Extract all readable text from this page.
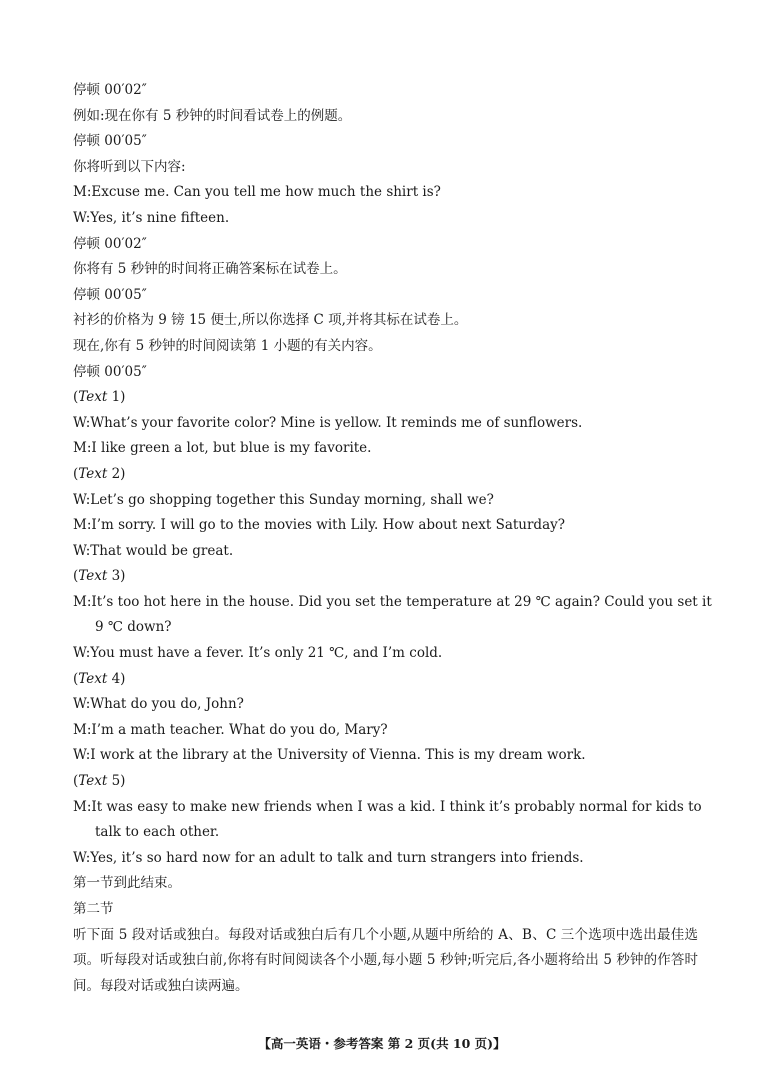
停顿 00′02″
例如:现在你有 5 秒钟的时间看试卷上的例题。
停顿 00′05″
你将听到以下内容:
M:Excuse me. Can you tell me how much the shirt is?
W:Yes, it’s nine fifteen.
停顿 00′02″
你将有 5 秒钟的时间将正确答案标在试卷上。
停顿 00′05″
衬衫的价格为 9 镑 15 便士,所以你选择 C 项,并将其标在试卷上。
现在,你有 5 秒钟的时间阅读第 1 小题的有关内容。
停顿 00′05″
(Text 1)
W:What’s your favorite color? Mine is yellow. It reminds me of sunflowers.
M:I like green a lot, but blue is my favorite.
(Text 2)
W:Let’s go shopping together this Sunday morning, shall we?
M:I’m sorry. I will go to the movies with Lily. How about next Saturday?
W:That would be great.
(Text 3)
M:It’s too hot here in the house. Did you set the temperature at 29 ℃ again? Could you set it
9 ℃ down?
W:You must have a fever. It’s only 21 ℃, and I’m cold.
(Text 4)
W:What do you do, John?
M:I’m a math teacher. What do you do, Mary?
W:I work at the library at the University of Vienna. This is my dream work.
(Text 5)
M:It was easy to make new friends when I was a kid. I think it’s probably normal for kids to
talk to each other.
W:Yes, it’s so hard now for an adult to talk and turn strangers into friends.
第一节到此结束。
第二节
听下面 5 段对话或独白。每段对话或独白后有几个小题,从题中所给的 A、B、C 三个选项中选出最佳选项。听每段对话或独白前,你将有时间阅读各个小题,每小题 5 秒钟;听完后,各小题将给出 5 秒钟的作答时间。每段对话或独白读两遍。
【高一英语・参考答案 第 2 页(共 10 页)】
